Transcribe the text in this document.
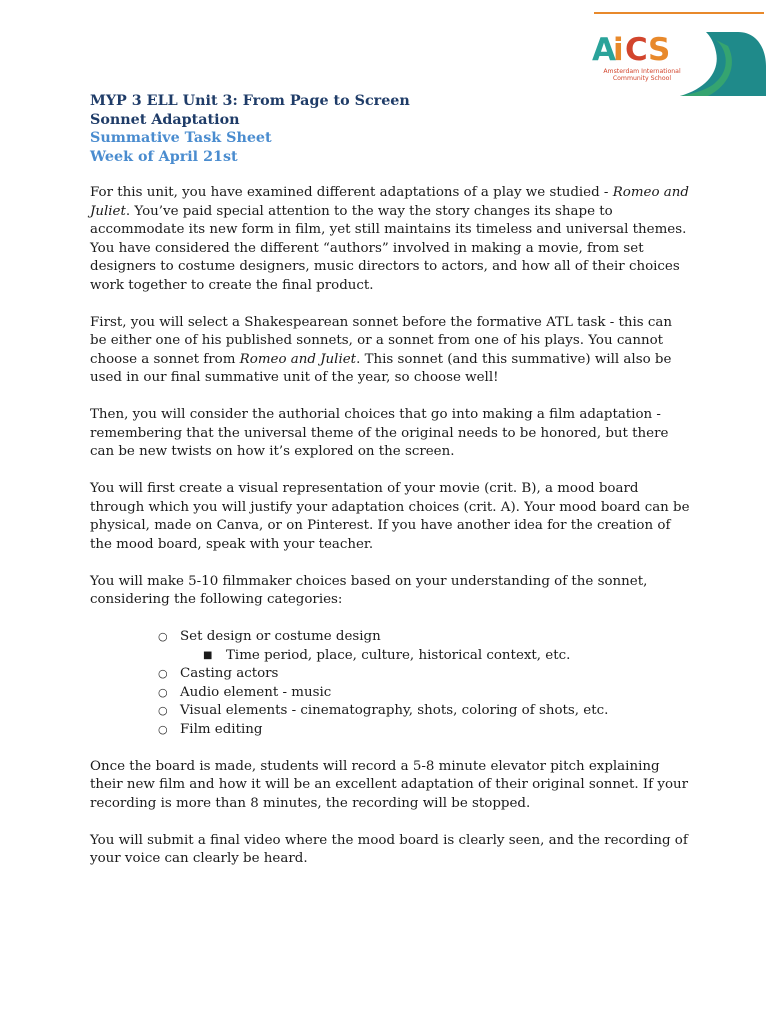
A
i C S
Amsterdam International Community School
MYP 3 ELL Unit 3: From Page to Screen
Sonnet Adaptation
Summative Task Sheet
Week of April 21st

For this unit, you have examined different adaptations of a play we studied - Romeo and Juliet. You’ve paid special attention to the way the story changes its shape to accommodate its new form in film, yet still maintains its timeless and universal themes. You have considered the different “authors” involved in making a movie, from set designers to costume designers, music directors to actors, and how all of their choices work together to create the final product.

First, you will select a Shakespearean sonnet before the formative ATL task - this can be either one of his published sonnets, or a sonnet from one of his plays. You cannot choose a sonnet from Romeo and Juliet. This sonnet (and this summative) will also be used in our final summative unit of the year, so choose well!

Then, you will consider the authorial choices that go into making a film adaptation - remembering that the universal theme of the original needs to be honored, but there can be new twists on how it’s explored on the screen.

You will first create a visual representation of your movie (crit. B), a mood board through which you will justify your adaptation choices (crit. A). Your mood board can be physical, made on Canva, or on Pinterest. If you have another idea for the creation of the mood board, speak with your teacher.

You will make 5-10 filmmaker choices based on your understanding of the sonnet, considering the following categories:

○ Set design or costume design
■ Time period, place, culture, historical context, etc.
○ Casting actors
○ Audio element - music
○ Visual elements - cinematography, shots, coloring of shots, etc.
○ Film editing

Once the board is made, students will record a 5-8 minute elevator pitch explaining their new film and how it will be an excellent adaptation of their original sonnet. If your recording is more than 8 minutes, the recording will be stopped.

You will submit a final video where the mood board is clearly seen, and the recording of your voice can clearly be heard.
